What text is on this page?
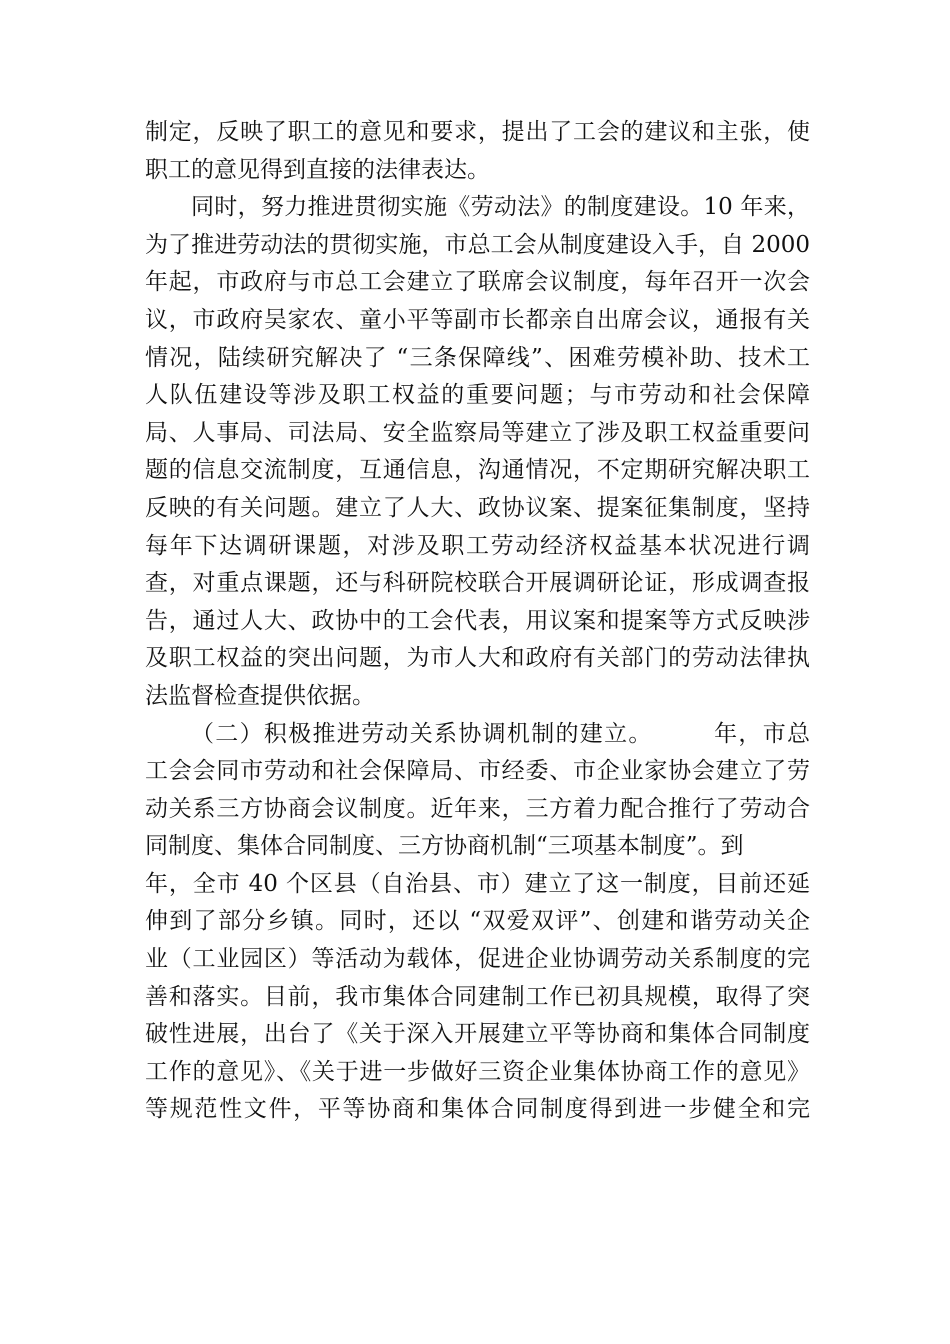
制定，反映了职工的意见和要求，提出了工会的建议和主张，使
职工的意见得到直接的法律表达。
同时，努力推进贯彻实施《劳动法》的制度建设。10 年来，
为了推进劳动法的贯彻实施，市总工会从制度建设入手，自 2000
年起，市政府与市总工会建立了联席会议制度，每年召开一次会
议，市政府吴家农、童小平等副市长都亲自出席会议，通报有关
情况，陆续研究解决了 “三条保障线”、困难劳模补助、技术工
人队伍建设等涉及职工权益的重要问题；与市劳动和社会保障
局、人事局、司法局、安全监察局等建立了涉及职工权益重要问
题的信息交流制度，互通信息，沟通情况，不定期研究解决职工
反映的有关问题。建立了人大、政协议案、提案征集制度，坚持
每年下达调研课题，对涉及职工劳动经济权益基本状况进行调
查，对重点课题，还与科研院校联合开展调研论证，形成调查报
告，通过人大、政协中的工会代表，用议案和提案等方式反映涉
及职工权益的突出问题，为市人大和政府有关部门的劳动法律执
法监督检查提供依据。
（二）积极推进劳动关系协调机制的建立。　　　年，市总
工会会同市劳动和社会保障局、市经委、市企业家协会建立了劳
动关系三方协商会议制度。近年来，三方着力配合推行了劳动合
同制度、集体合同制度、三方协商机制“三项基本制度”。到
年，全市 40 个区县（自治县、市）建立了这一制度，目前还延
伸到了部分乡镇。同时，还以 “双爱双评”、创建和谐劳动关企
业（工业园区）等活动为载体，促进企业协调劳动关系制度的完
善和落实。目前，我市集体合同建制工作已初具规模，取得了突
破性进展，出台了《关于深入开展建立平等协商和集体合同制度
工作的意见》、《关于进一步做好三资企业集体协商工作的意见》
等规范性文件，平等协商和集体合同制度得到进一步健全和完
